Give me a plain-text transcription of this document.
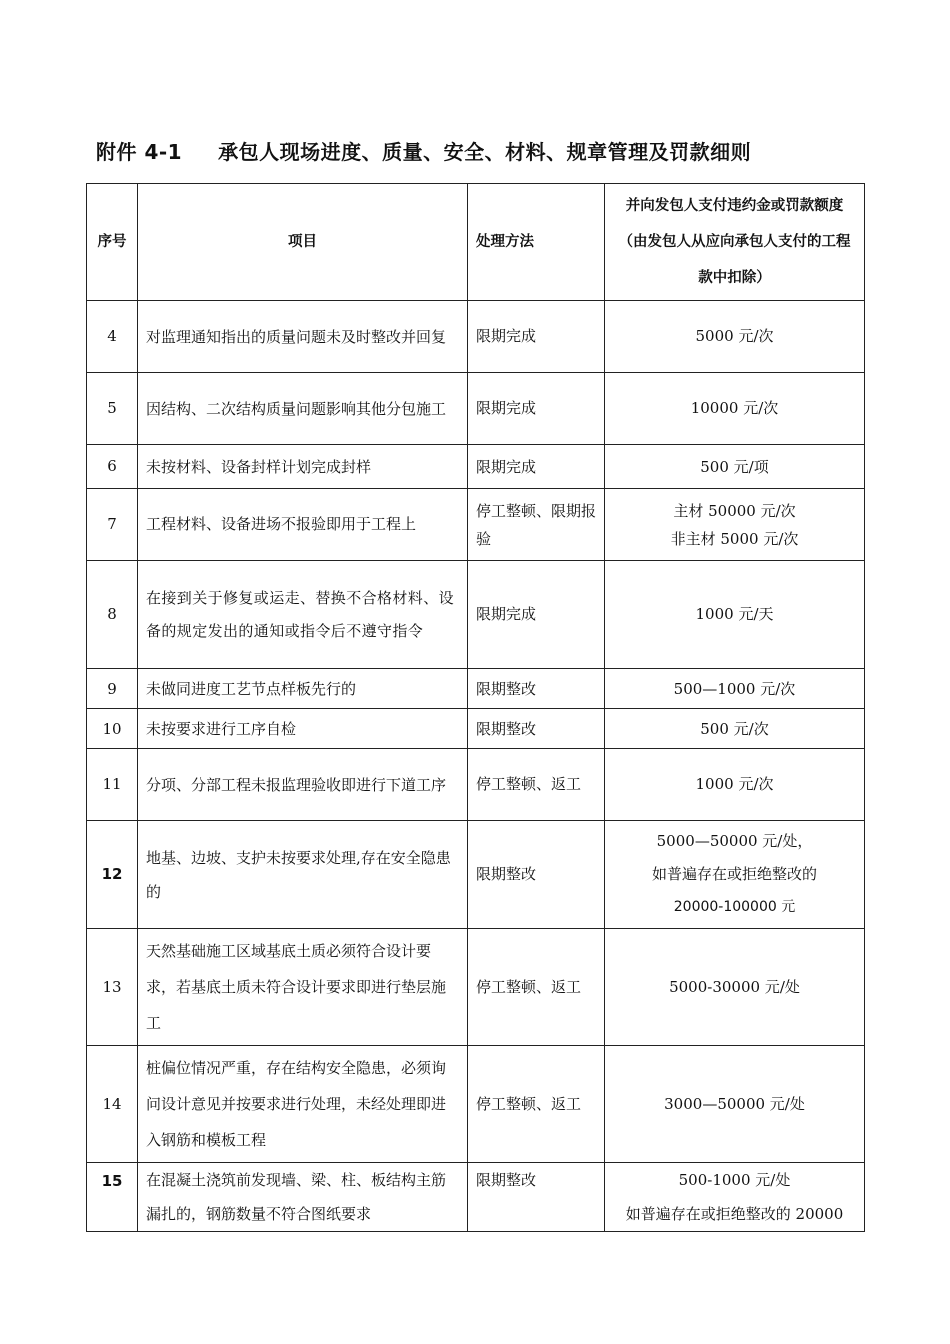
附件 4-1 承包人现场进度、质量、安全、材料、规章管理及罚款细则
序号	项目	处理方法	并向发包人支付违约金或罚款额度（由发包人从应向承包人支付的工程款中扣除）
4	对监理通知指出的质量问题未及时整改并回复	限期完成	5000 元/次

5	因结构、二次结构质量问题影响其他分包施工	限期完成	10000 元/次

6	未按材料、设备封样计划完成封样	限期完成	500 元/项

7	工程材料、设备进场不报验即用于工程上	停工整顿、限期报验	主材 50000 元/次
非主材 5000 元/次

8	在接到关于修复或运走、替换不合格材料、设备的规定发出的通知或指令后不遵守指令	限期完成	1000 元/天

9	未做同进度工艺节点样板先行的	限期整改	500—1000 元/次

10	未按要求进行工序自检	限期整改	500 元/次

11	分项、分部工程未报监理验收即进行下道工序	停工整顿、返工	1000 元/次

12	地基、边坡、支护未按要求处理,存在安全隐患的	限期整改	5000—50000 元/处，
如普遍存在或拒绝整改的
20000-100000 元

13	天然基础施工区域基底土质必须符合设计要求，若基底土质未符合设计要求即进行垫层施工	停工整顿、返工	5000-30000 元/处

14	桩偏位情况严重，存在结构安全隐患，必须询问设计意见并按要求进行处理，未经处理即进入钢筋和模板工程	停工整顿、返工	3000—50000 元/处

15	在混凝土浇筑前发现墙、梁、柱、板结构主筋漏扎的，钢筋数量不符合图纸要求	限期整改	500-1000 元/处
如普遍存在或拒绝整改的 20000
